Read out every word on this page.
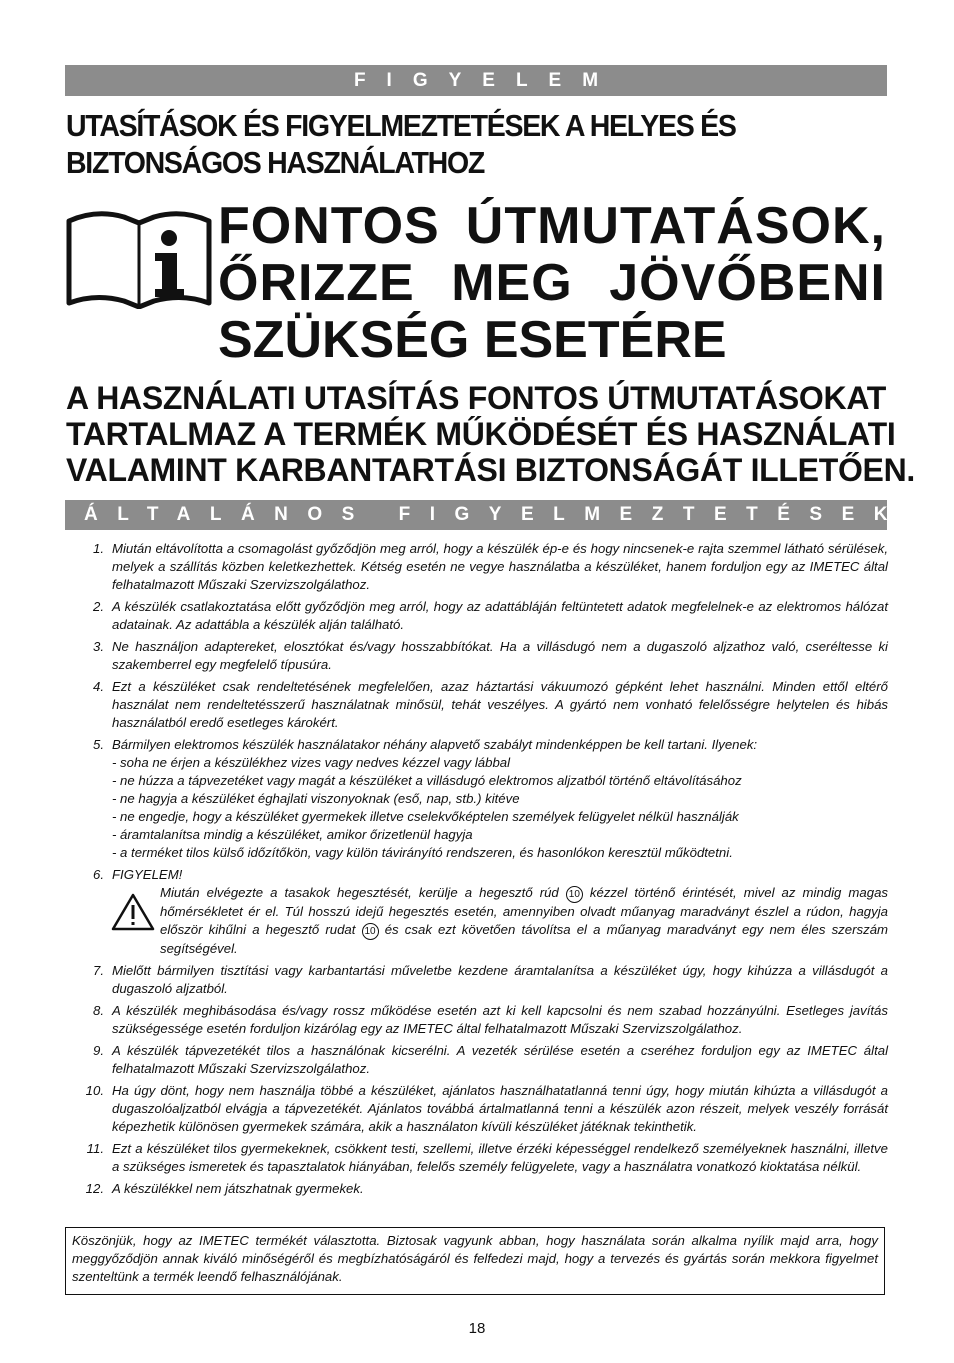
FIGYELEM
UTASÍTÁSOK ÉS FIGYELMEZTETÉSEK A HELYES ÉS BIZTONSÁGOS HASZNÁLATHOZ
FONTOS ÚTMUTATÁSOK,
ŐRIZZE MEG JÖVŐBENI
SZÜKSÉG ESETÉRE
A HASZNÁLATI UTASÍTÁS FONTOS ÚTMUTATÁSOKAT
TARTALMAZ A TERMÉK MŰKÖDÉSÉT ÉS HASZNÁLATI
VALAMINT KARBANTARTÁSI BIZTONSÁGÁT ILLETŐEN.
ÁLTALÁNOS FIGYELMEZTETÉSEK
1. Miután eltávolította a csomagolást győződjön meg arról, hogy a készülék ép-e és hogy nincsenek-e rajta szemmel látható sérülések, melyek a szállítás közben keletkezhettek. Kétség esetén ne vegye használatba a készüléket, hanem forduljon egy az IMETEC által felhatalmazott Műszaki Szervizszolgálathoz.
2. A készülék csatlakoztatása előtt győződjön meg arról, hogy az adattábláján feltüntetett adatok megfelelnek-e az elektromos hálózat adatainak. Az adattábla a készülék alján található.
3. Ne használjon adaptereket, elosztókat és/vagy hosszabbítókat. Ha a villásdugó nem a dugaszoló aljzathoz való, cseréltesse ki szakemberrel egy megfelelő típusúra.
4. Ezt a készüléket csak rendeltetésének megfelelően, azaz háztartási vákuumozó gépként lehet használni. Minden ettől eltérő használat nem rendeltetésszerű használatnak minősül, tehát veszélyes. A gyártó nem vonható felelősségre helytelen és hibás használatból eredő esetleges károkért.
5. Bármilyen elektromos készülék használatakor néhány alapvető szabályt mindenképpen be kell tartani. Ilyenek:
- soha ne érjen a készülékhez vizes vagy nedves kézzel vagy lábbal
- ne húzza a tápvezetéket vagy magát a készüléket a villásdugó elektromos aljzatból történő eltávolításához
- ne hagyja a készüléket éghajlati viszonyoknak (eső, nap, stb.) kitéve
- ne engedje, hogy a készüléket gyermekek illetve cselekvőképtelen személyek felügyelet nélkül használják
- áramtalanítsa mindig a készüléket, amikor őrizetlenül hagyja
- a terméket tilos külső időzítőkön, vagy külön távirányító rendszeren, és hasonlókon keresztül működtetni.
6. FIGYELEM!
Miután elvégezte a tasakok hegesztését, kerülje a hegesztő rúd 10 kézzel történő érintését, mivel az mindig magas hőmérsékletet ér el. Túl hosszú idejű hegesztés esetén, amennyiben olvadt műanyag maradványt észlel a rúdon, hagyja először kihűlni a hegesztő rudat 10 és csak ezt követően távolítsa el a műanyag maradványt egy nem éles szerszám segítségével.
7. Mielőtt bármilyen tisztítási vagy karbantartási műveletbe kezdene áramtalanítsa a készüléket úgy, hogy kihúzza a villásdugót a dugaszoló aljzatból.
8. A készülék meghibásodása és/vagy rossz működése esetén azt ki kell kapcsolni és nem szabad hozzányúlni. Esetleges javítás szükségessége esetén forduljon kizárólag egy az IMETEC által felhatalmazott Műszaki Szervizszolgálathoz.
9. A készülék tápvezetékét tilos a használónak kicserélni. A vezeték sérülése esetén a cseréhez forduljon egy az IMETEC által felhatalmazott Műszaki Szervizszolgálathoz.
10. Ha úgy dönt, hogy nem használja többé a készüléket, ajánlatos használhatatlanná tenni úgy, hogy miután kihúzta a villásdugót a dugaszolóaljzatból elvágja a tápvezetékét. Ajánlatos továbbá ártalmatlanná tenni a készülék azon részeit, melyek veszély forrását képezhetik különösen gyermekek számára, akik a használaton kívüli készüléket játéknak tekinthetik.
11. Ezt a készüléket tilos gyermekeknek, csökkent testi, szellemi, illetve érzéki képességgel rendelkező személyeknek használni, illetve a szükséges ismeretek és tapasztalatok hiányában, felelős személy felügyelete, vagy a használatra vonatkozó kioktatása nélkül.
12. A készülékkel nem játszhatnak gyermekek.
Köszönjük, hogy az IMETEC termékét választotta. Biztosak vagyunk abban, hogy használata során alkalma nyílik majd arra, hogy meggyőződjön annak kiváló minőségéről és megbízhatóságáról és felfedezi majd, hogy a tervezés és gyártás során mekkora figyelmet szenteltünk a termék leendő felhasználójának.
18
